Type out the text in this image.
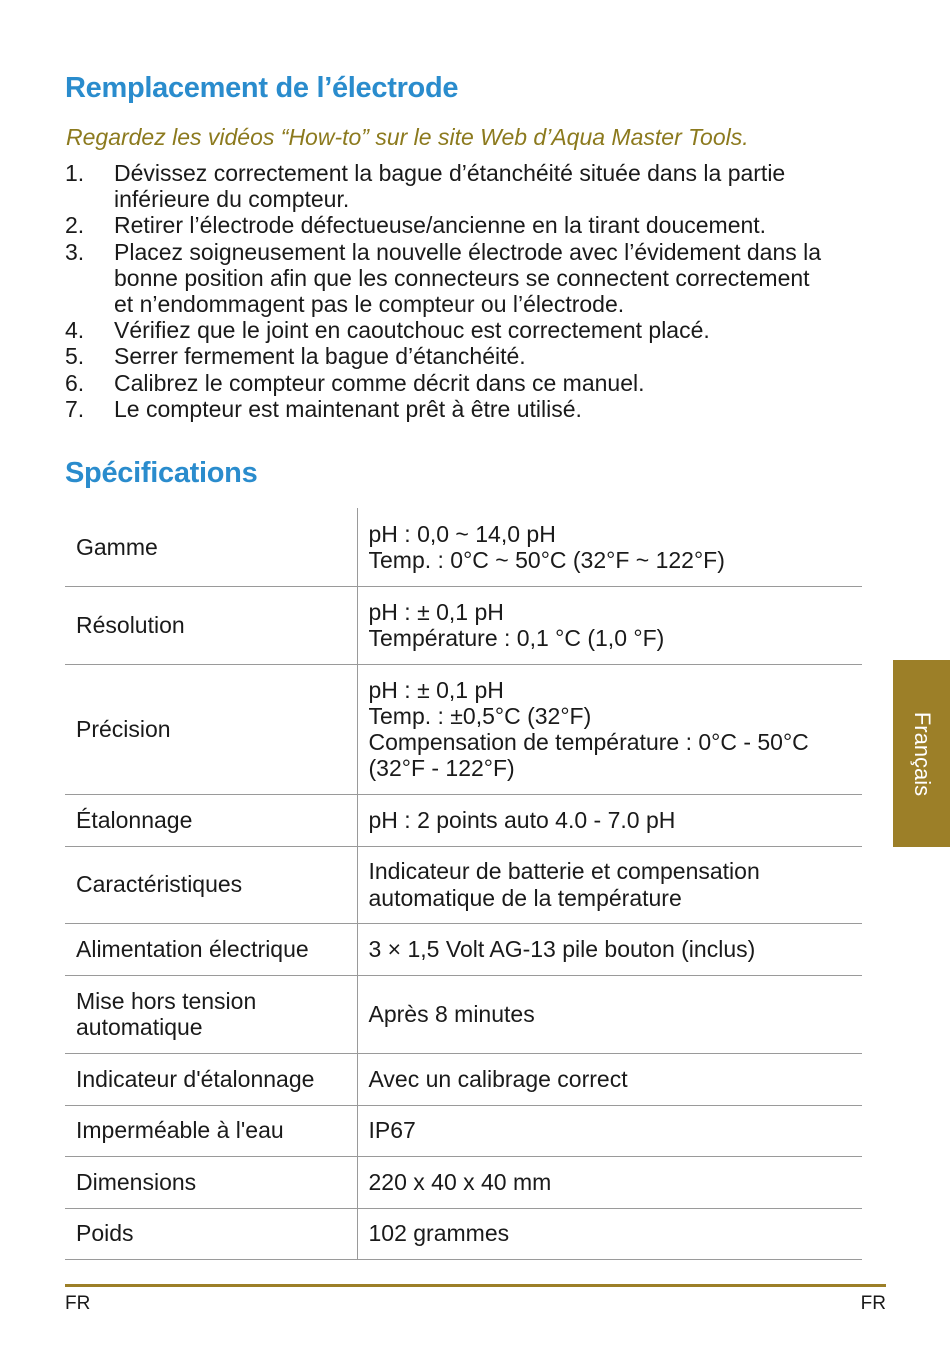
Remplacement de l’électrode
Regardez les vidéos “How-to” sur le site Web d’Aqua Master Tools.
1. Dévissez correctement la bague d’étanchéité située dans la partie
inférieure du compteur.
2. Retirer l’électrode défectueuse/ancienne en la tirant doucement.
3. Placez soigneusement la nouvelle électrode avec l’évidement dans la
bonne position afin que les connecteurs se connectent correctement
et n’endommagent pas le compteur ou l’électrode.
4. Vérifiez que le joint en caoutchouc est correctement placé.
5. Serrer fermement la bague d’étanchéité.
6. Calibrez le compteur comme décrit dans ce manuel.
7. Le compteur est maintenant prêt à être utilisé.
Spécifications
Gamme	pH : 0,0 ~ 14,0 pH
Temp. : 0°C ~ 50°C (32°F ~ 122°F)

Résolution	pH : ± 0,1 pH
Température : 0,1 °C (1,0 °F)

Précision	pH : ± 0,1 pH
Temp. : ±0,5°C (32°F)
Compensation de température : 0°C - 50°C
(32°F - 122°F)

Étalonnage	pH : 2 points auto 4.0 - 7.0 pH

Caractéristiques	Indicateur de batterie et compensation
automatique de la température

Alimentation électrique	3 × 1,5 Volt AG-13 pile bouton (inclus)

Mise hors tension
automatique	Après 8 minutes

Indicateur d'étalonnage	Avec un calibrage correct

Imperméable à l'eau	IP67

Dimensions	220 x 40 x 40 mm

Poids	102 grammes
Français
FR	FR
